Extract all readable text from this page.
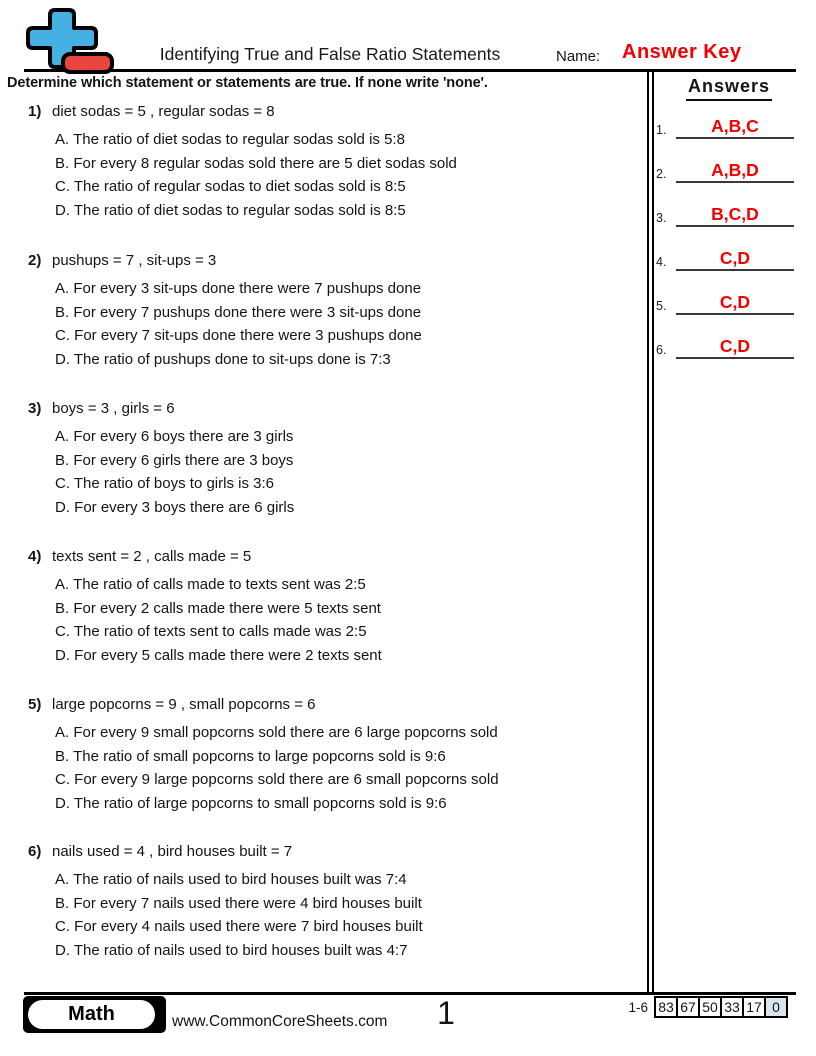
Identifying True and False Ratio Statements	Name: Answer Key
Determine which statement or statements are true. If none write 'none'.	Answers
1.	A,B,C
2.	A,B,D
3.	B,C,D
4.	C,D
5.	C,D
6.	C,D
1) diet sodas = 5 , regular sodas = 8
A. The ratio of diet sodas to regular sodas sold is 5:8
B. For every 8 regular sodas sold there are 5 diet sodas sold
C. The ratio of regular sodas to diet sodas sold is 8:5
D. The ratio of diet sodas to regular sodas sold is 8:5
2) pushups = 7 , sit-ups = 3
A. For every 3 sit-ups done there were 7 pushups done
B. For every 7 pushups done there were 3 sit-ups done
C. For every 7 sit-ups done there were 3 pushups done
D. The ratio of pushups done to sit-ups done is 7:3
3) boys = 3 , girls = 6
A. For every 6 boys there are 3 girls
B. For every 6 girls there are 3 boys
C. The ratio of boys to girls is 3:6
D. For every 3 boys there are 6 girls
4) texts sent = 2 , calls made = 5
A. The ratio of calls made to texts sent was 2:5
B. For every 2 calls made there were 5 texts sent
C. The ratio of texts sent to calls made was 2:5
D. For every 5 calls made there were 2 texts sent
5) large popcorns = 9 , small popcorns = 6
A. For every 9 small popcorns sold there are 6 large popcorns sold
B. The ratio of small popcorns to large popcorns sold is 9:6
C. For every 9 large popcorns sold there are 6 small popcorns sold
D. The ratio of large popcorns to small popcorns sold is 9:6
6) nails used = 4 , bird houses built = 7
A. The ratio of nails used to bird houses built was 7:4
B. For every 7 nails used there were 4 bird houses built
C. For every 4 nails used there were 7 bird houses built
D. The ratio of nails used to bird houses built was 4:7
Math	www.CommonCoreSheets.com 1	1-6 83 67 50 33 17 0
